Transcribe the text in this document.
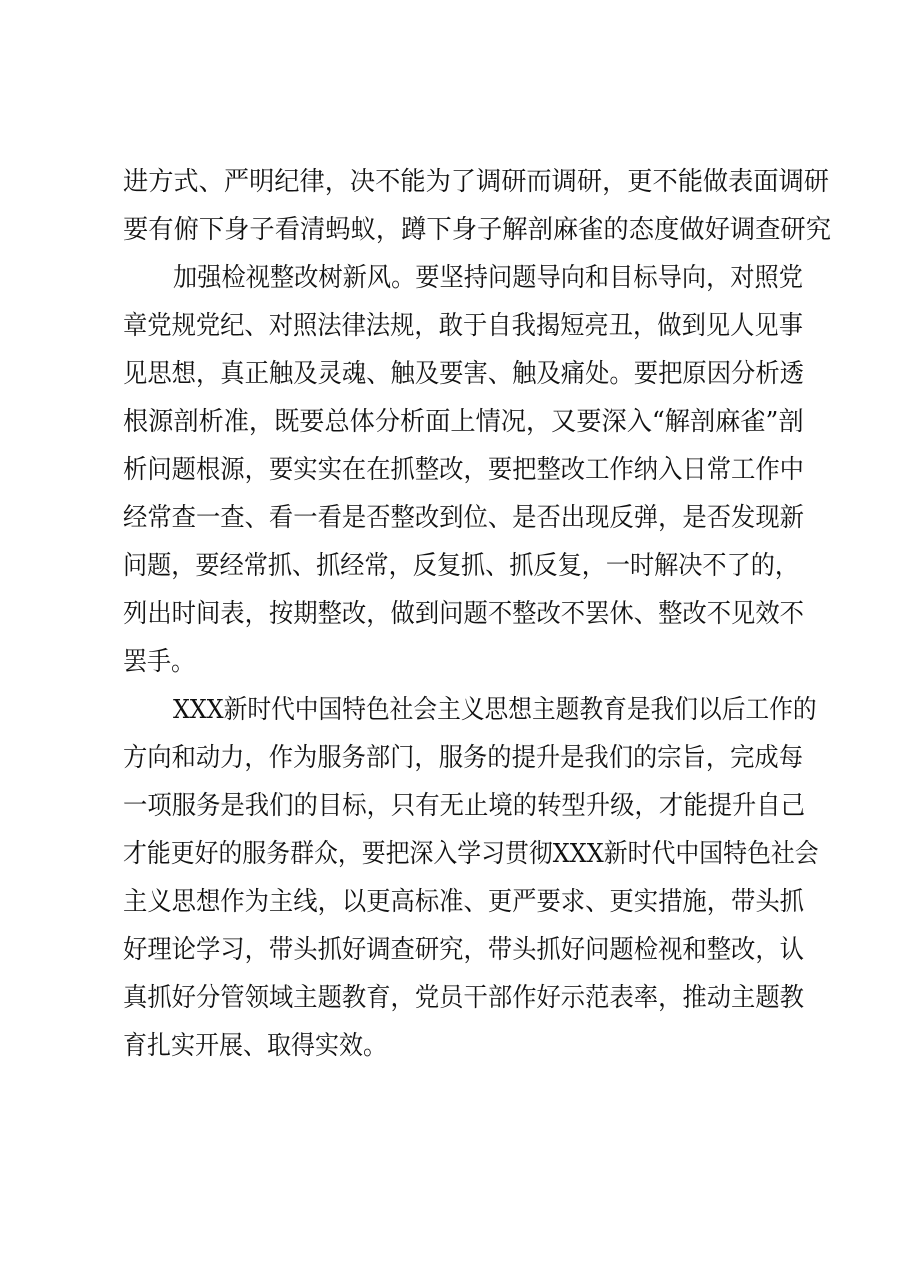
进方式、严明纪律，决不能为了调研而调研，更不能做表面调研

要有俯下身子看清蚂蚁，蹲下身子解剖麻雀的态度做好调查研究

加强检视整改树新风。要坚持问题导向和目标导向，对照党

章党规党纪、对照法律法规，敢于自我揭短亮丑，做到见人见事

见思想，真正触及灵魂、触及要害、触及痛处。要把原因分析透

根源剖析准，既要总体分析面上情况，又要深入“解剖麻雀”剖

析问题根源，要实实在在抓整改，要把整改工作纳入日常工作中

经常查一查、看一看是否整改到位、是否出现反弹，是否发现新

问题，要经常抓、抓经常，反复抓、抓反复，一时解决不了的，

列出时间表，按期整改，做到问题不整改不罢休、整改不见效不

罢手。

XXX新时代中国特色社会主义思想主题教育是我们以后工作的

方向和动力，作为服务部门，服务的提升是我们的宗旨，完成每

一项服务是我们的目标，只有无止境的转型升级，才能提升自己

才能更好的服务群众，要把深入学习贯彻XXX新时代中国特色社会

主义思想作为主线，以更高标准、更严要求、更实措施，带头抓

好理论学习，带头抓好调查研究，带头抓好问题检视和整改，认

真抓好分管领域主题教育，党员干部作好示范表率，推动主题教

育扎实开展、取得实效。
